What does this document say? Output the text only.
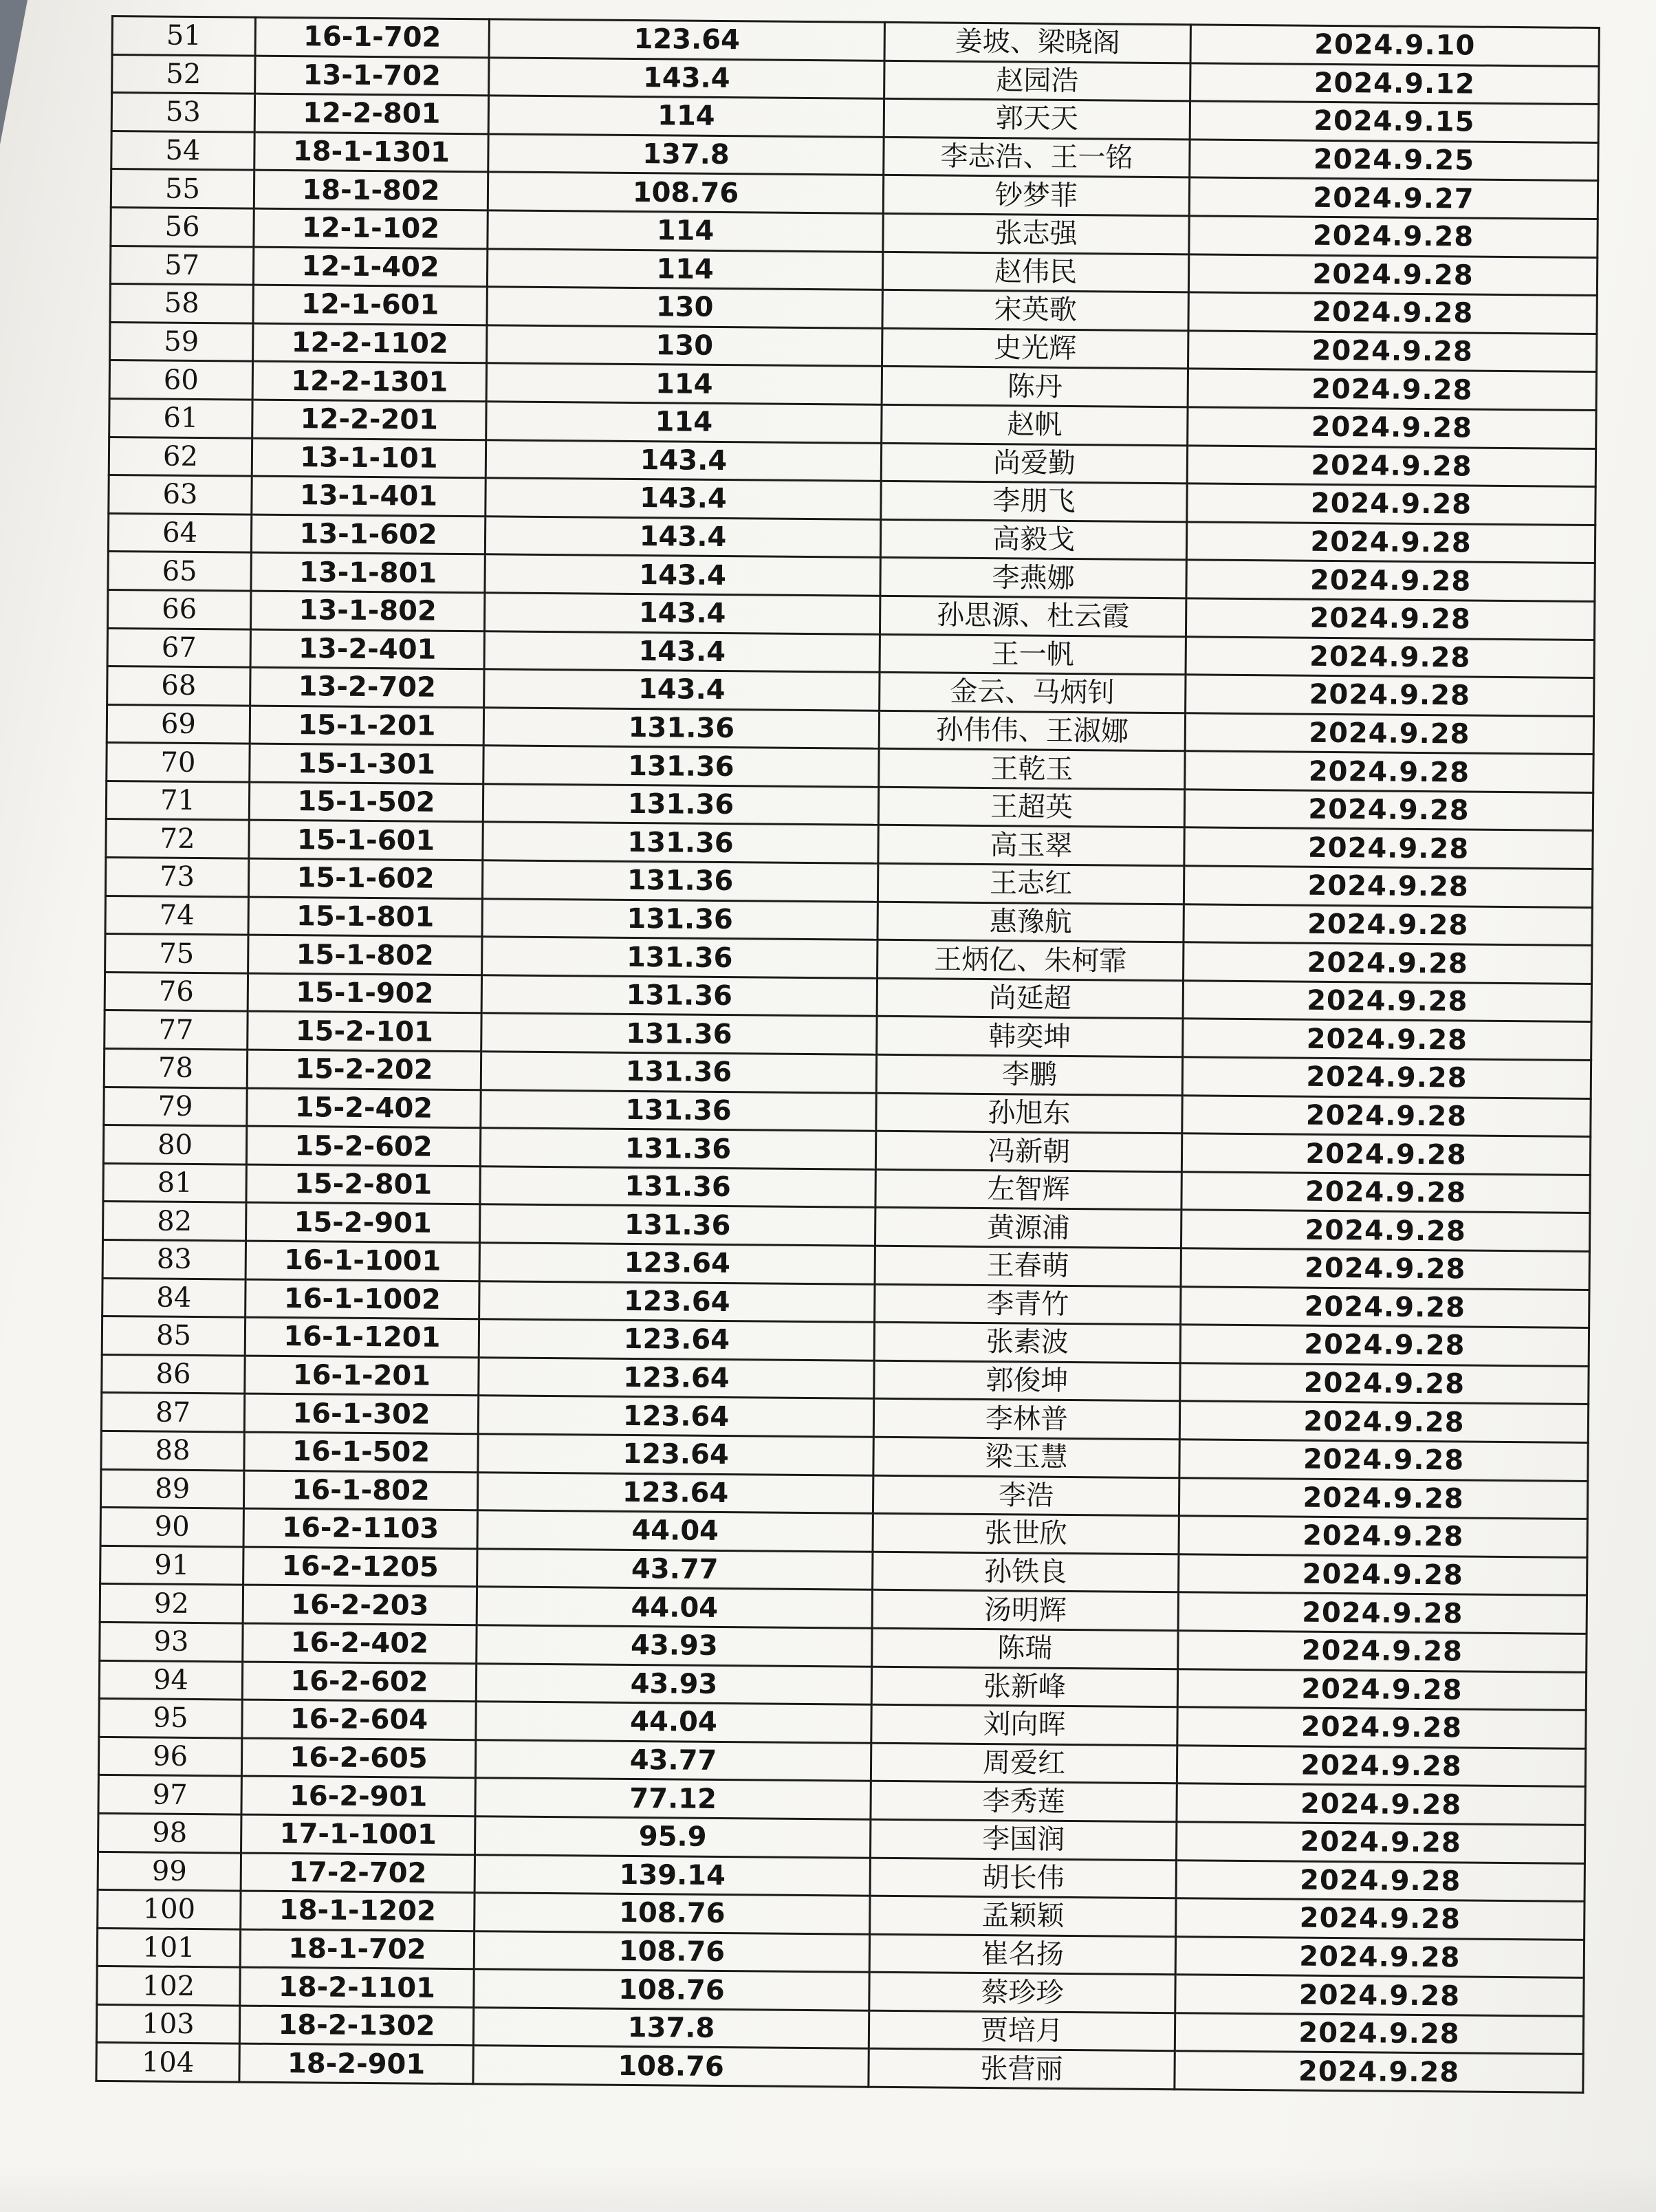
51	16-1-702	123.64	姜坡、梁晓阁	2024.9.10
52	13-1-702	143.4	赵园浩	2024.9.12
53	12-2-801	114	郭天天	2024.9.15
54	18-1-1301	137.8	李志浩、王一铭	2024.9.25
55	18-1-802	108.76	钞梦菲	2024.9.27
56	12-1-102	114	张志强	2024.9.28
57	12-1-402	114	赵伟民	2024.9.28
58	12-1-601	130	宋英歌	2024.9.28
59	12-2-1102	130	史光辉	2024.9.28
60	12-2-1301	114	陈丹	2024.9.28
61	12-2-201	114	赵帆	2024.9.28
62	13-1-101	143.4	尚爱勤	2024.9.28
63	13-1-401	143.4	李朋飞	2024.9.28
64	13-1-602	143.4	高毅戈	2024.9.28
65	13-1-801	143.4	李燕娜	2024.9.28
66	13-1-802	143.4	孙思源、杜云霞	2024.9.28
67	13-2-401	143.4	王一帆	2024.9.28
68	13-2-702	143.4	金云、马炳钊	2024.9.28
69	15-1-201	131.36	孙伟伟、王淑娜	2024.9.28
70	15-1-301	131.36	王乾玉	2024.9.28
71	15-1-502	131.36	王超英	2024.9.28
72	15-1-601	131.36	高玉翠	2024.9.28
73	15-1-602	131.36	王志红	2024.9.28
74	15-1-801	131.36	惠豫航	2024.9.28
75	15-1-802	131.36	王炳亿、朱柯霏	2024.9.28
76	15-1-902	131.36	尚延超	2024.9.28
77	15-2-101	131.36	韩奕坤	2024.9.28
78	15-2-202	131.36	李鹏	2024.9.28
79	15-2-402	131.36	孙旭东	2024.9.28
80	15-2-602	131.36	冯新朝	2024.9.28
81	15-2-801	131.36	左智辉	2024.9.28
82	15-2-901	131.36	黄源浦	2024.9.28
83	16-1-1001	123.64	王春萌	2024.9.28
84	16-1-1002	123.64	李青竹	2024.9.28
85	16-1-1201	123.64	张素波	2024.9.28
86	16-1-201	123.64	郭俊坤	2024.9.28
87	16-1-302	123.64	李林普	2024.9.28
88	16-1-502	123.64	梁玉慧	2024.9.28
89	16-1-802	123.64	李浩	2024.9.28
90	16-2-1103	44.04	张世欣	2024.9.28
91	16-2-1205	43.77	孙铁良	2024.9.28
92	16-2-203	44.04	汤明辉	2024.9.28
93	16-2-402	43.93	陈瑞	2024.9.28
94	16-2-602	43.93	张新峰	2024.9.28
95	16-2-604	44.04	刘向晖	2024.9.28
96	16-2-605	43.77	周爱红	2024.9.28
97	16-2-901	77.12	李秀莲	2024.9.28
98	17-1-1001	95.9	李国润	2024.9.28
99	17-2-702	139.14	胡长伟	2024.9.28
100	18-1-1202	108.76	孟颖颖	2024.9.28
101	18-1-702	108.76	崔名扬	2024.9.28
102	18-2-1101	108.76	蔡珍珍	2024.9.28
103	18-2-1302	137.8	贾培月	2024.9.28
104	18-2-901	108.76	张营丽	2024.9.28
